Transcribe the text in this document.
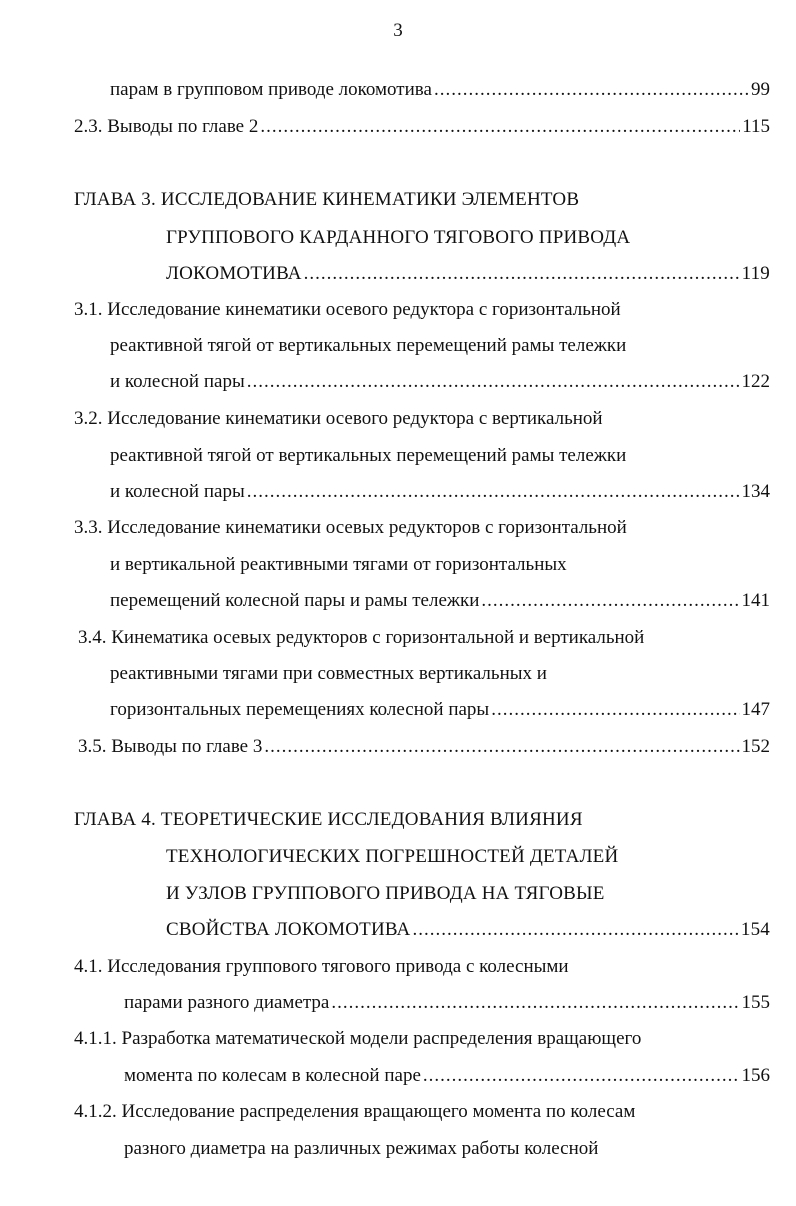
3
парам в групповом приводе локомотива .....	99
2.3. Выводы по главе 2 .....	115
ГЛАВА 3. ИССЛЕДОВАНИЕ КИНЕМАТИКИ ЭЛЕМЕНТОВ
ГРУППОВОГО КАРДАННОГО ТЯГОВОГО ПРИВОДА
ЛОКОМОТИВА .....	119
3.1. Исследование кинематики осевого редуктора с горизонтальной
реактивной тягой от вертикальных перемещений рамы тележки
и колесной пары .....	122
3.2. Исследование кинематики осевого редуктора с вертикальной
реактивной тягой от вертикальных перемещений рамы тележки
и колесной пары .....	134
3.3. Исследование кинематики осевых редукторов с горизонтальной
и вертикальной реактивными тягами от горизонтальных
перемещений колесной пары и рамы тележки .....	141
3.4. Кинематика осевых редукторов с горизонтальной и вертикальной
реактивными тягами при совместных вертикальных и
горизонтальных перемещениях колесной пары .....	147
3.5. Выводы по главе 3 .....	152
ГЛАВА 4. ТЕОРЕТИЧЕСКИЕ ИССЛЕДОВАНИЯ ВЛИЯНИЯ
ТЕХНОЛОГИЧЕСКИХ ПОГРЕШНОСТЕЙ ДЕТАЛЕЙ
И УЗЛОВ ГРУППОВОГО ПРИВОДА НА ТЯГОВЫЕ
СВОЙСТВА ЛОКОМОТИВА .....	154
4.1. Исследования группового тягового привода с колесными
парами разного диаметра .....	155
4.1.1. Разработка математической модели распределения вращающего
момента по колесам в колесной паре .....	156
4.1.2. Исследование распределения вращающего момента по колесам
разного диаметра на различных режимах работы колесной
